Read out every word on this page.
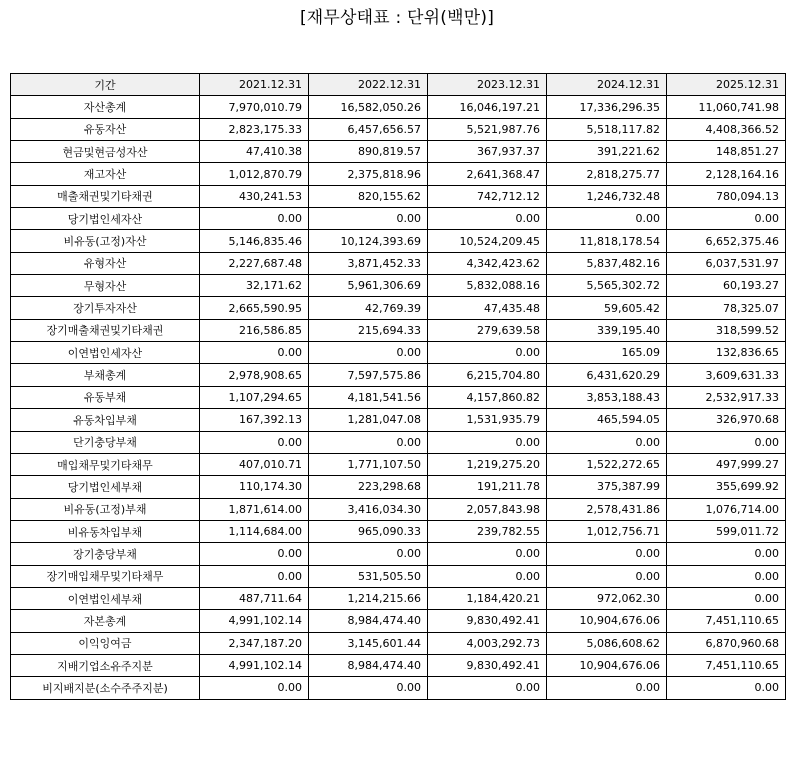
[재무상태표 : 단위(백만)]
기간	2021.12.31	2022.12.31	2023.12.31	2024.12.31	2025.12.31
자산총계	7,970,010.79	16,582,050.26	16,046,197.21	17,336,296.35	11,060,741.98
유동자산	2,823,175.33	6,457,656.57	5,521,987.76	5,518,117.82	4,408,366.52
현금및현금성자산	47,410.38	890,819.57	367,937.37	391,221.62	148,851.27
재고자산	1,012,870.79	2,375,818.96	2,641,368.47	2,818,275.77	2,128,164.16
매출채권및기타채권	430,241.53	820,155.62	742,712.12	1,246,732.48	780,094.13
당기법인세자산	0.00	0.00	0.00	0.00	0.00
비유동(고정)자산	5,146,835.46	10,124,393.69	10,524,209.45	11,818,178.54	6,652,375.46
유형자산	2,227,687.48	3,871,452.33	4,342,423.62	5,837,482.16	6,037,531.97
무형자산	32,171.62	5,961,306.69	5,832,088.16	5,565,302.72	60,193.27
장기투자자산	2,665,590.95	42,769.39	47,435.48	59,605.42	78,325.07
장기매출채권및기타채권	216,586.85	215,694.33	279,639.58	339,195.40	318,599.52
이연법인세자산	0.00	0.00	0.00	165.09	132,836.65
부채총계	2,978,908.65	7,597,575.86	6,215,704.80	6,431,620.29	3,609,631.33
유동부채	1,107,294.65	4,181,541.56	4,157,860.82	3,853,188.43	2,532,917.33
유동차입부채	167,392.13	1,281,047.08	1,531,935.79	465,594.05	326,970.68
단기충당부채	0.00	0.00	0.00	0.00	0.00
매입채무및기타채무	407,010.71	1,771,107.50	1,219,275.20	1,522,272.65	497,999.27
당기법인세부채	110,174.30	223,298.68	191,211.78	375,387.99	355,699.92
비유동(고정)부채	1,871,614.00	3,416,034.30	2,057,843.98	2,578,431.86	1,076,714.00
비유동차입부채	1,114,684.00	965,090.33	239,782.55	1,012,756.71	599,011.72
장기충당부채	0.00	0.00	0.00	0.00	0.00
장기매입채무및기타채무	0.00	531,505.50	0.00	0.00	0.00
이연법인세부채	487,711.64	1,214,215.66	1,184,420.21	972,062.30	0.00
자본총계	4,991,102.14	8,984,474.40	9,830,492.41	10,904,676.06	7,451,110.65
이익잉여금	2,347,187.20	3,145,601.44	4,003,292.73	5,086,608.62	6,870,960.68
지배기업소유주지분	4,991,102.14	8,984,474.40	9,830,492.41	10,904,676.06	7,451,110.65
비지배지분(소수주주지분)	0.00	0.00	0.00	0.00	0.00
